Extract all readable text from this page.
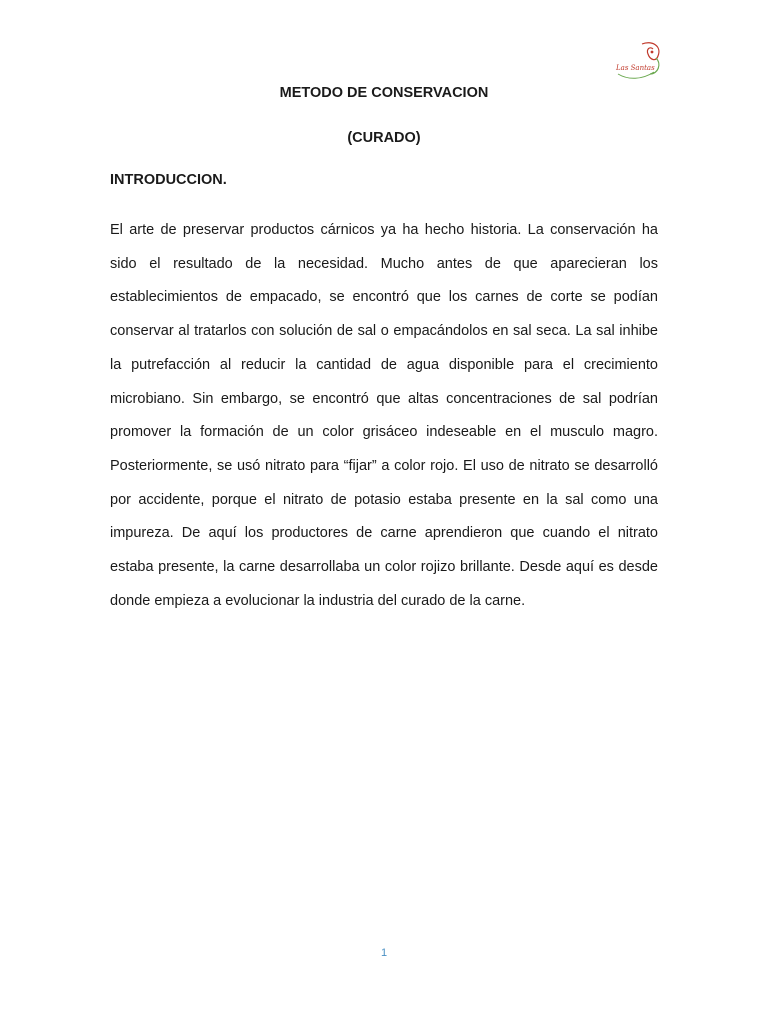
Las Santas
METODO DE CONSERVACION
(CURADO)
INTRODUCCION.

El arte de preservar productos cárnicos ya ha hecho historia. La conservación ha sido el resultado de la necesidad. Mucho antes de que aparecieran los establecimientos de empacado, se encontró que los carnes de corte se podían conservar al tratarlos con solución de sal o empacándolos en sal seca. La sal inhibe la putrefacción al reducir la cantidad de agua disponible para el crecimiento microbiano. Sin embargo, se encontró que altas concentraciones de sal podrían promover la formación de un color grisáceo indeseable en el musculo magro. Posteriormente, se usó nitrato para “fijar” a color rojo. El uso de nitrato se desarrolló por accidente, porque el nitrato de potasio estaba presente en la sal como una impureza. De aquí los productores de carne aprendieron que cuando el nitrato estaba presente, la carne desarrollaba un color rojizo brillante. Desde aquí es desde donde empieza a evolucionar la industria del curado de la carne.

1
